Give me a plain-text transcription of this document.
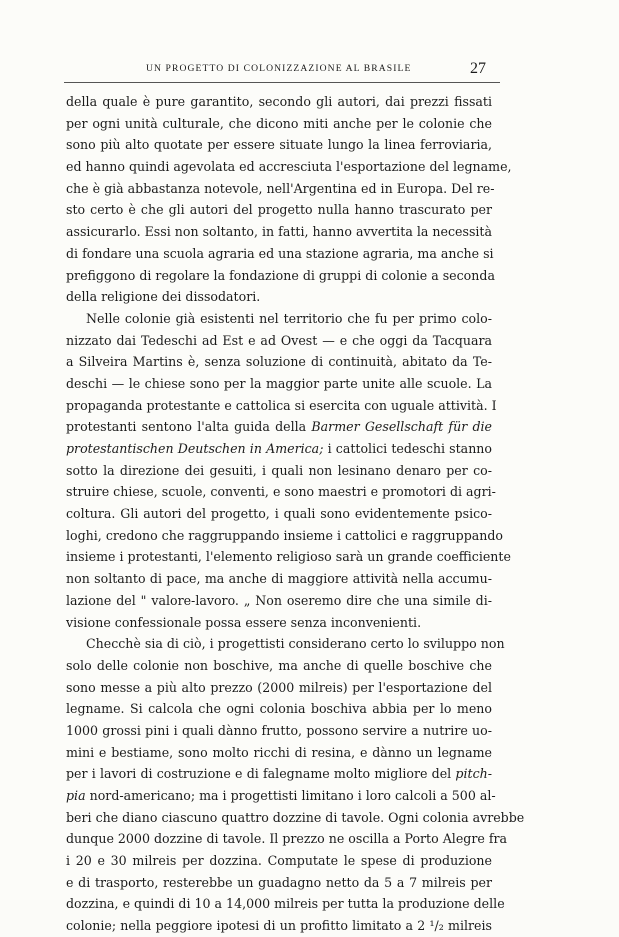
UN PROGETTO DI COLONIZZAZIONE AL BRASILE	27
della quale è pure garantito, secondo gli autori, dai prezzi fissati
per ogni unità culturale, che dicono miti anche per le colonie che
sono più alto quotate per essere situate lungo la linea ferroviaria,
ed hanno quindi agevolata ed accresciuta l'esportazione del legname,
che è già abbastanza notevole, nell'Argentina ed in Europa. Del re-
sto certo è che gli autori del progetto nulla hanno trascurato per
assicurarlo. Essi non soltanto, in fatti, hanno avvertita la necessità
di fondare una scuola agraria ed una stazione agraria, ma anche si
prefiggono di regolare la fondazione di gruppi di colonie a seconda
della religione dei dissodatori.
Nelle colonie già esistenti nel territorio che fu per primo colo-
nizzato dai Tedeschi ad Est e ad Ovest — e che oggi da Tacquara
a Silveira Martins è, senza soluzione di continuità, abitato da Te-
deschi — le chiese sono per la maggior parte unite alle scuole. La
propaganda protestante e cattolica si esercita con uguale attività. I
protestanti sentono l'alta guida della Barmer Gesellschaft für die
protestantischen Deutschen in America; i cattolici tedeschi stanno
sotto la direzione dei gesuiti, i quali non lesinano denaro per co-
struire chiese, scuole, conventi, e sono maestri e promotori di agri-
coltura. Gli autori del progetto, i quali sono evidentemente psico-
loghi, credono che raggruppando insieme i cattolici e raggruppando
insieme i protestanti, l'elemento religioso sarà un grande coefficiente
non soltanto di pace, ma anche di maggiore attività nella accumu-
lazione del " valore-lavoro. „ Non oseremo dire che una simile di-
visione confessionale possa essere senza inconvenienti.
Checchè sia di ciò, i progettisti considerano certo lo sviluppo non
solo delle colonie non boschive, ma anche di quelle boschive che
sono messe a più alto prezzo (2000 milreis) per l'esportazione del
legname. Si calcola che ogni colonia boschiva abbia per lo meno
1000 grossi pini i quali dànno frutto, possono servire a nutrire uo-
mini e bestiame, sono molto ricchi di resina, e dànno un legname
per i lavori di costruzione e di falegname molto migliore del pitch-
pia nord-americano; ma i progettisti limitano i loro calcoli a 500 al-
beri che diano ciascuno quattro dozzine di tavole. Ogni colonia avrebbe
dunque 2000 dozzine di tavole. Il prezzo ne oscilla a Porto Alegre fra
i 20 e 30 milreis per dozzina. Computate le spese di produzione
e di trasporto, resterebbe un guadagno netto da 5 a 7 milreis per
dozzina, e quindi di 10 a 14,000 milreis per tutta la produzione delle
colonie; nella peggiore ipotesi di un profitto limitato a 2 ¹/₂ milreis
